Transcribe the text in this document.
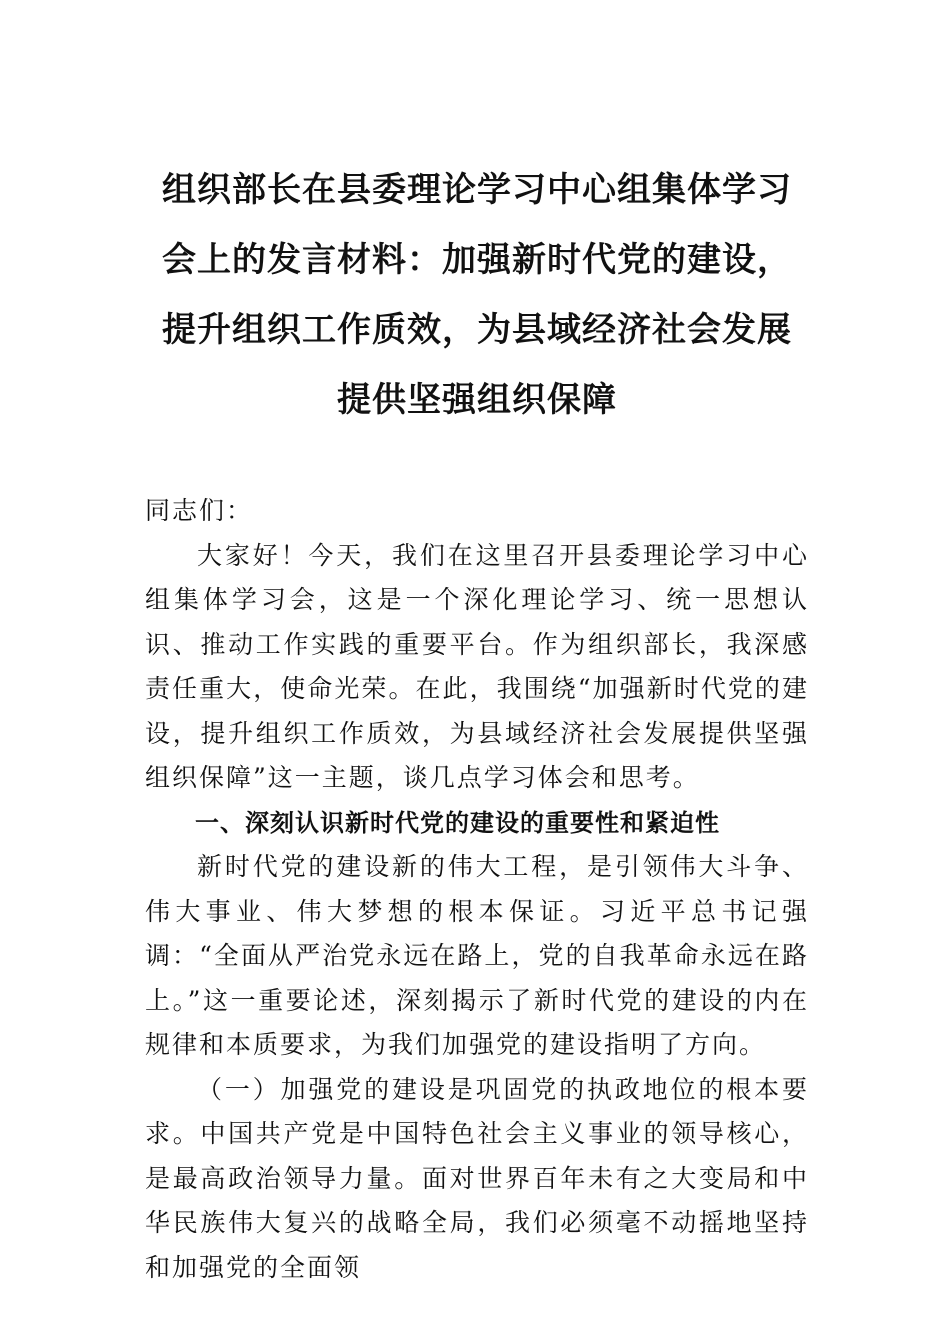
组织部长在县委理论学习中心组集体学习
会上的发言材料：加强新时代党的建设，
提升组织工作质效，为县域经济社会发展
提供坚强组织保障

同志们：

大家好！今天，我们在这里召开县委理论学习中心组集体学习会，这是一个深化理论学习、统一思想认识、推动工作实践的重要平台。作为组织部长，我深感责任重大，使命光荣。在此，我围绕“加强新时代党的建设，提升组织工作质效，为县域经济社会发展提供坚强组织保障”这一主题，谈几点学习体会和思考。

一、深刻认识新时代党的建设的重要性和紧迫性

新时代党的建设新的伟大工程，是引领伟大斗争、伟大事业、伟大梦想的根本保证。习近平总书记强调：“全面从严治党永远在路上，党的自我革命永远在路上。”这一重要论述，深刻揭示了新时代党的建设的内在规律和本质要求，为我们加强党的建设指明了方向。

（一）加强党的建设是巩固党的执政地位的根本要求。中国共产党是中国特色社会主义事业的领导核心，是最高政治领导力量。面对世界百年未有之大变局和中华民族伟大复兴的战略全局，我们必须毫不动摇地坚持和加强党的全面领
